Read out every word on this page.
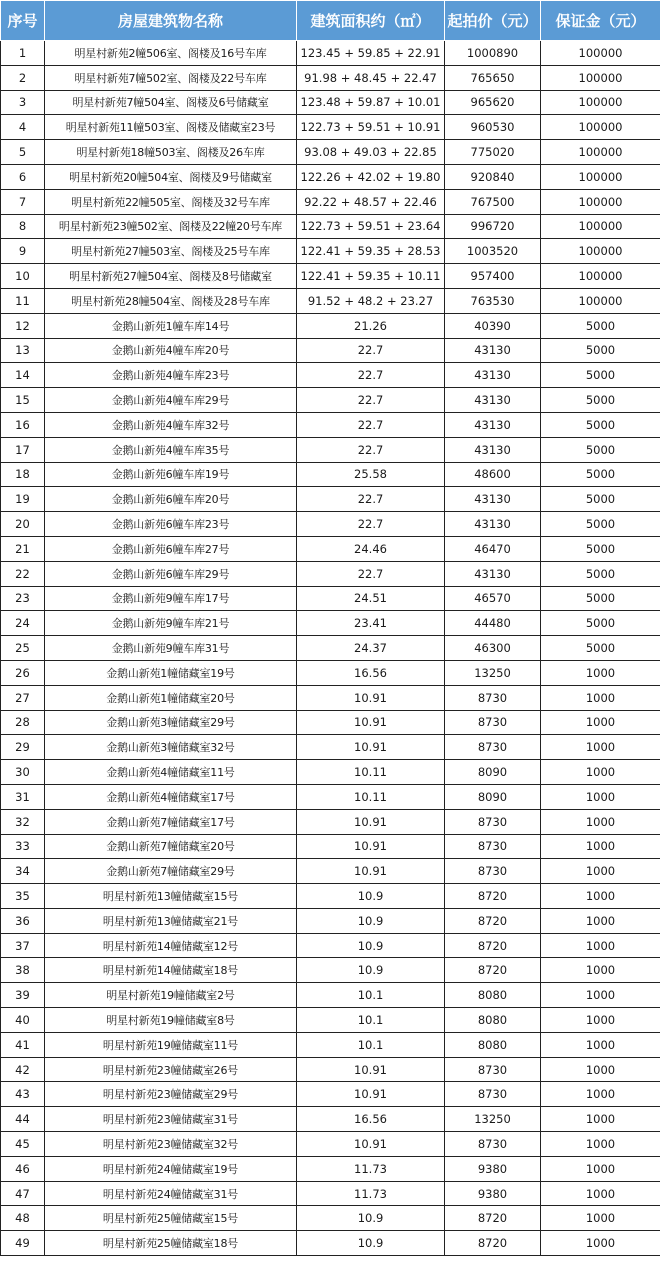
序号	房屋建筑物名称	建筑面积约（㎡）	起拍价（元）	保证金（元）
1	明星村新苑2幢506室、阁楼及16号车库	123.45 + 59.85 + 22.91	1000890	100000
2	明星村新苑7幢502室、阁楼及22号车库	91.98 + 48.45 + 22.47	765650	100000
3	明星村新苑7幢504室、阁楼及6号储藏室	123.48 + 59.87 + 10.01	965620	100000
4	明星村新苑11幢503室、阁楼及储藏室23号	122.73 + 59.51 + 10.91	960530	100000
5	明星村新苑18幢503室、阁楼及26车库	93.08 + 49.03 + 22.85	775020	100000
6	明星村新苑20幢504室、阁楼及9号储藏室	122.26 + 42.02 + 19.80	920840	100000
7	明星村新苑22幢505室、阁楼及32号车库	92.22 + 48.57 + 22.46	767500	100000
8	明星村新苑23幢502室、阁楼及22幢20号车库	122.73 + 59.51 + 23.64	996720	100000
9	明星村新苑27幢503室、阁楼及25号车库	122.41 + 59.35 + 28.53	1003520	100000
10	明星村新苑27幢504室、阁楼及8号储藏室	122.41 + 59.35 + 10.11	957400	100000
11	明星村新苑28幢504室、阁楼及28号车库	91.52 + 48.2 + 23.27	763530	100000
12	金鹅山新苑1幢车库14号	21.26	40390	5000
13	金鹅山新苑4幢车库20号	22.7	43130	5000
14	金鹅山新苑4幢车库23号	22.7	43130	5000
15	金鹅山新苑4幢车库29号	22.7	43130	5000
16	金鹅山新苑4幢车库32号	22.7	43130	5000
17	金鹅山新苑4幢车库35号	22.7	43130	5000
18	金鹅山新苑6幢车库19号	25.58	48600	5000
19	金鹅山新苑6幢车库20号	22.7	43130	5000
20	金鹅山新苑6幢车库23号	22.7	43130	5000
21	金鹅山新苑6幢车库27号	24.46	46470	5000
22	金鹅山新苑6幢车库29号	22.7	43130	5000
23	金鹅山新苑9幢车库17号	24.51	46570	5000
24	金鹅山新苑9幢车库21号	23.41	44480	5000
25	金鹅山新苑9幢车库31号	24.37	46300	5000
26	金鹅山新苑1幢储藏室19号	16.56	13250	1000
27	金鹅山新苑1幢储藏室20号	10.91	8730	1000
28	金鹅山新苑3幢储藏室29号	10.91	8730	1000
29	金鹅山新苑3幢储藏室32号	10.91	8730	1000
30	金鹅山新苑4幢储藏室11号	10.11	8090	1000
31	金鹅山新苑4幢储藏室17号	10.11	8090	1000
32	金鹅山新苑7幢储藏室17号	10.91	8730	1000
33	金鹅山新苑7幢储藏室20号	10.91	8730	1000
34	金鹅山新苑7幢储藏室29号	10.91	8730	1000
35	明星村新苑13幢储藏室15号	10.9	8720	1000
36	明星村新苑13幢储藏室21号	10.9	8720	1000
37	明星村新苑14幢储藏室12号	10.9	8720	1000
38	明星村新苑14幢储藏室18号	10.9	8720	1000
39	明星村新苑19幢储藏室2号	10.1	8080	1000
40	明星村新苑19幢储藏室8号	10.1	8080	1000
41	明星村新苑19幢储藏室11号	10.1	8080	1000
42	明星村新苑23幢储藏室26号	10.91	8730	1000
43	明星村新苑23幢储藏室29号	10.91	8730	1000
44	明星村新苑23幢储藏室31号	16.56	13250	1000
45	明星村新苑23幢储藏室32号	10.91	8730	1000
46	明星村新苑24幢储藏室19号	11.73	9380	1000
47	明星村新苑24幢储藏室31号	11.73	9380	1000
48	明星村新苑25幢储藏室15号	10.9	8720	1000
49	明星村新苑25幢储藏室18号	10.9	8720	1000
